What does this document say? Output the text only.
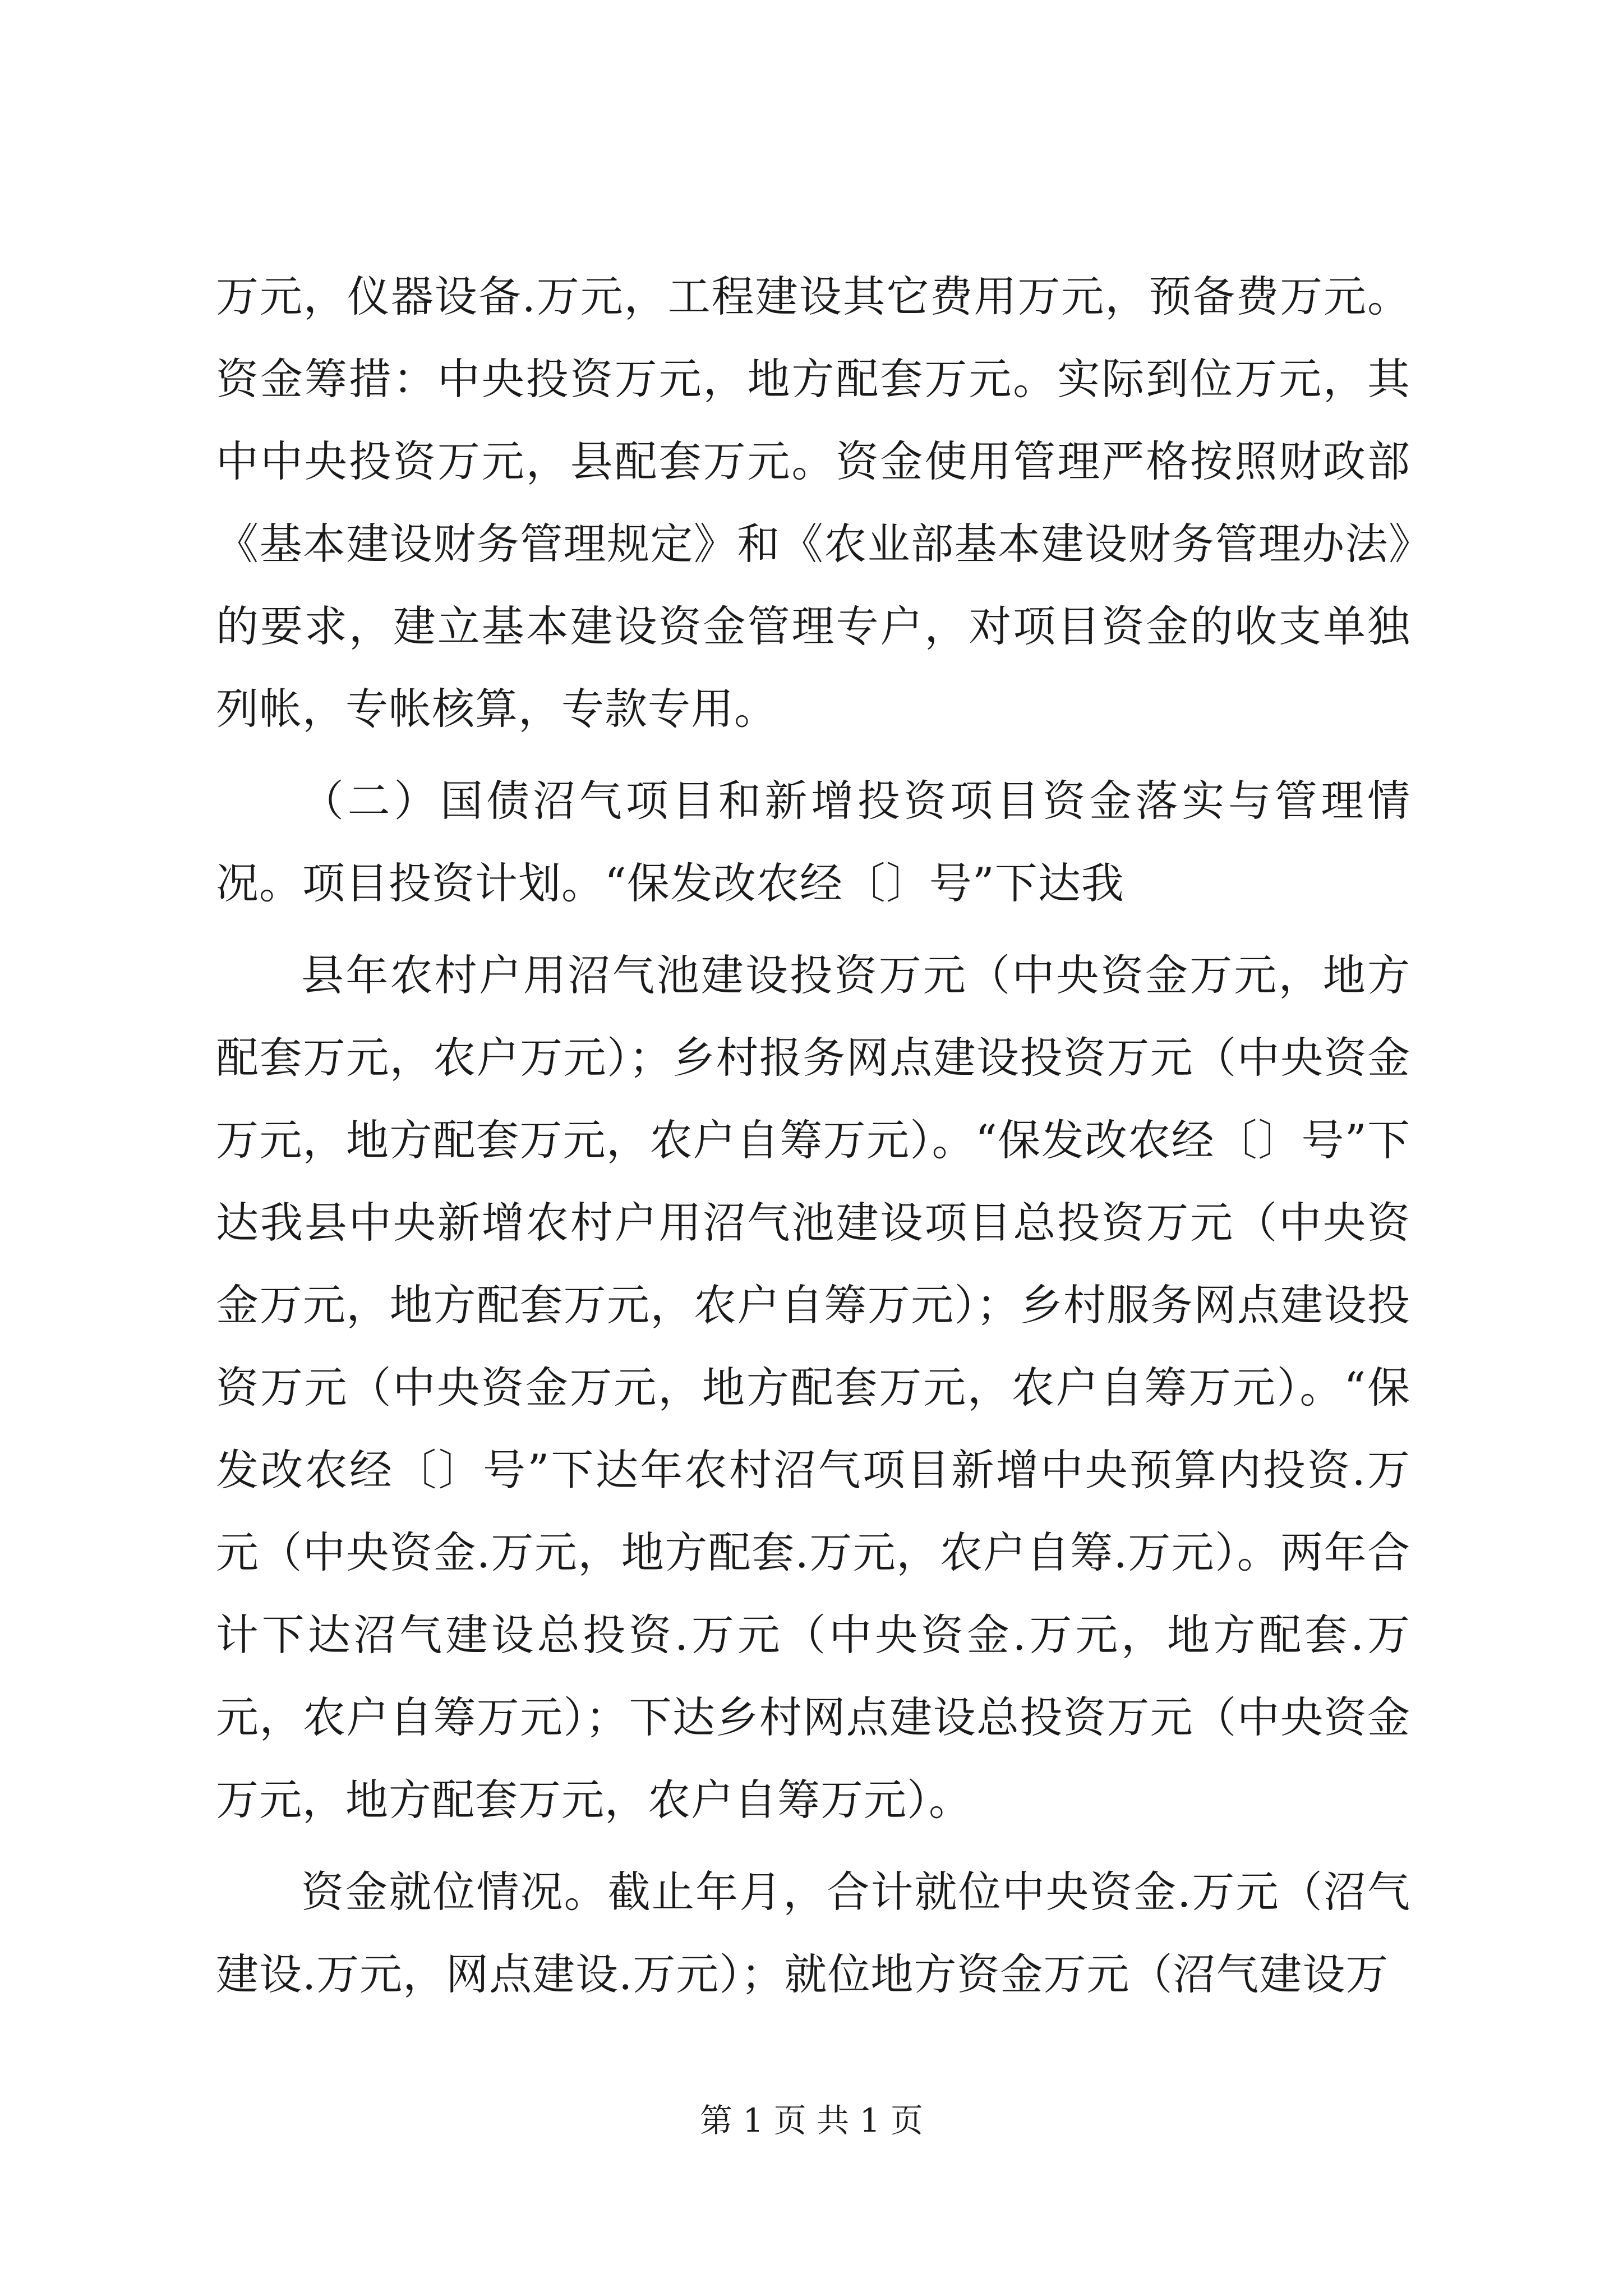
万元，仪器设备.万元，工程建设其它费用万元，预备费万元。资金筹措：中央投资万元，地方配套万元。实际到位万元，其中中央投资万元，县配套万元。资金使用管理严格按照财政部《基本建设财务管理规定》和《农业部基本建设财务管理办法》的要求，建立基本建设资金管理专户，对项目资金的收支单独列帐，专帐核算，专款专用。

（二）国债沼气项目和新增投资项目资金落实与管理情况。项目投资计划。“保发改农经〔〕号”下达我

县年农村户用沼气池建设投资万元（中央资金万元，地方配套万元，农户万元）；乡村报务网点建设投资万元（中央资金万元，地方配套万元，农户自筹万元）。“保发改农经〔〕号”下达我县中央新增农村户用沼气池建设项目总投资万元（中央资金万元，地方配套万元，农户自筹万元）；乡村服务网点建设投资万元（中央资金万元，地方配套万元，农户自筹万元）。“保发改农经〔〕号”下达年农村沼气项目新增中央预算内投资.万元（中央资金.万元，地方配套.万元，农户自筹.万元）。两年合计下达沼气建设总投资.万元（中央资金.万元，地方配套.万元，农户自筹万元）；下达乡村网点建设总投资万元（中央资金万元，地方配套万元，农户自筹万元）。

资金就位情况。截止年月，合计就位中央资金.万元（沼气建设.万元，网点建设.万元）；就位地方资金万元（沼气建设万

第 1 页 共 1 页
